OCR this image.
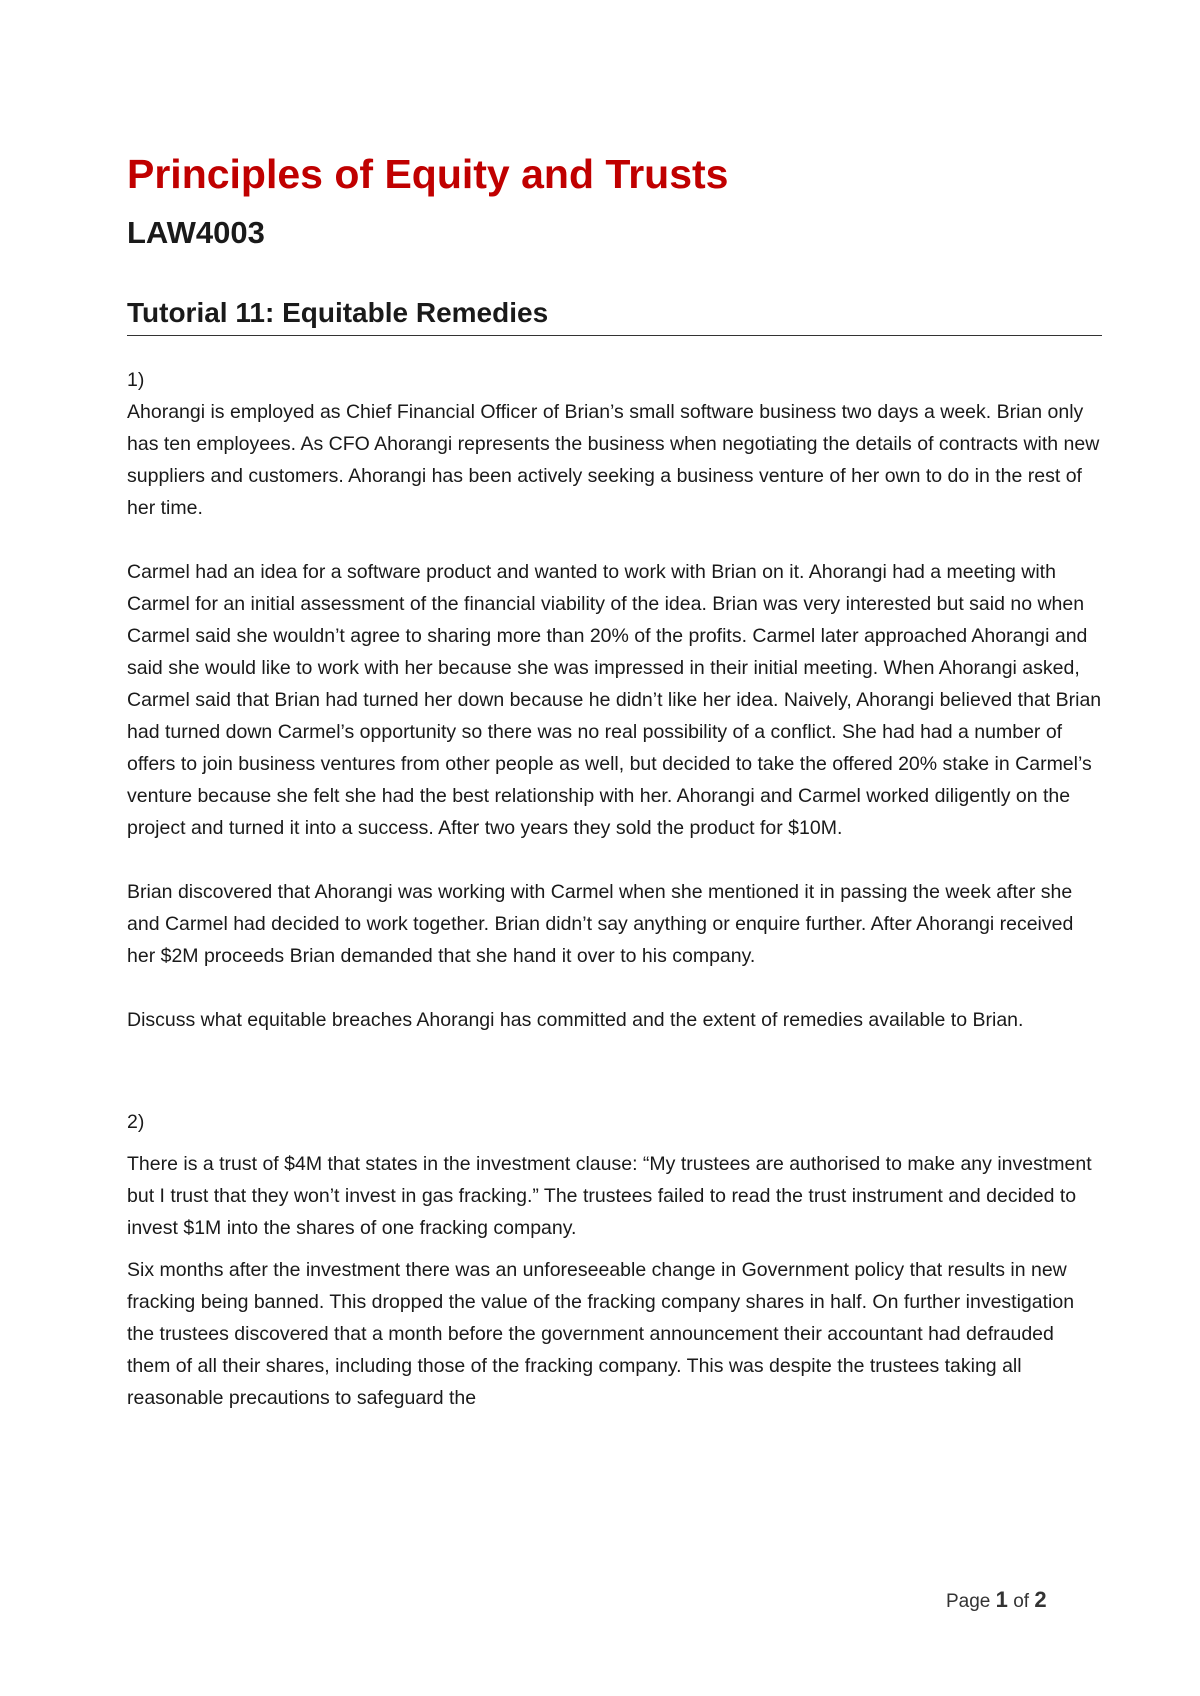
Principles of Equity and Trusts
LAW4003
Tutorial 11: Equitable Remedies
1)

Ahorangi is employed as Chief Financial Officer of Brian’s small software business two days a week. Brian only has ten employees. As CFO Ahorangi represents the business when negotiating the details of contracts with new suppliers and customers. Ahorangi has been actively seeking a business venture of her own to do in the rest of her time.

Carmel had an idea for a software product and wanted to work with Brian on it. Ahorangi had a meeting with Carmel for an initial assessment of the financial viability of the idea. Brian was very interested but said no when Carmel said she wouldn’t agree to sharing more than 20% of the profits. Carmel later approached Ahorangi and said she would like to work with her because she was impressed in their initial meeting. When Ahorangi asked, Carmel said that Brian had turned her down because he didn’t like her idea. Naively, Ahorangi believed that Brian had turned down Carmel’s opportunity so there was no real possibility of a conflict. She had had a number of offers to join business ventures from other people as well, but decided to take the offered 20% stake in Carmel’s venture because she felt she had the best relationship with her. Ahorangi and Carmel worked diligently on the project and turned it into a success. After two years they sold the product for $10M.

Brian discovered that Ahorangi was working with Carmel when she mentioned it in passing the week after she and Carmel had decided to work together. Brian didn’t say anything or enquire further. After Ahorangi received her $2M proceeds Brian demanded that she hand it over to his company.

Discuss what equitable breaches Ahorangi has committed and the extent of remedies available to Brian.

2)

There is a trust of $4M that states in the investment clause: “My trustees are authorised to make any investment but I trust that they won’t invest in gas fracking.” The trustees failed to read the trust instrument and decided to invest $1M into the shares of one fracking company.

Six months after the investment there was an unforeseeable change in Government policy that results in new fracking being banned. This dropped the value of the fracking company shares in half. On further investigation the trustees discovered that a month before the government announcement their accountant had defrauded them of all their shares, including those of the fracking company. This was despite the trustees taking all reasonable precautions to safeguard the

Page 1 of 2
